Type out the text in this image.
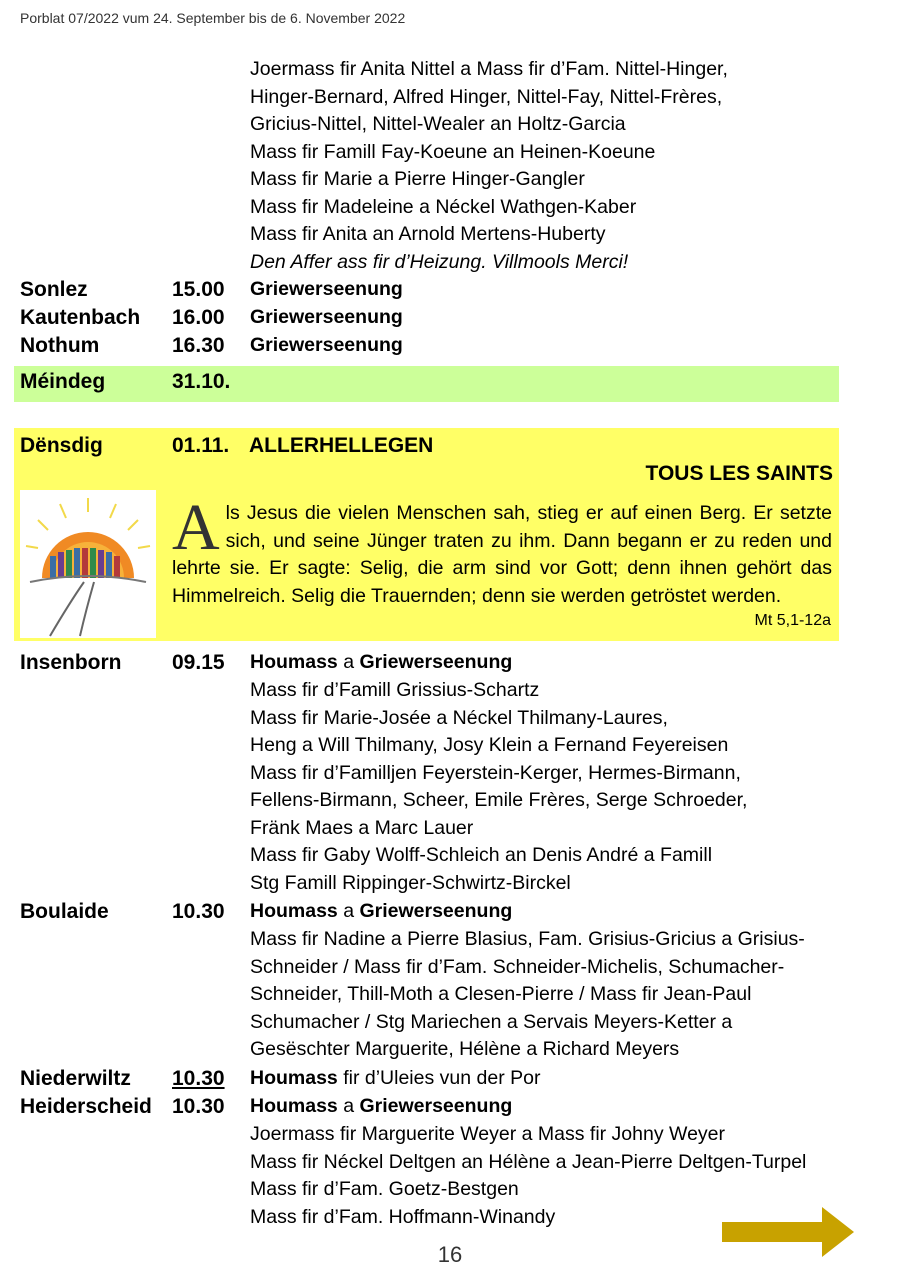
Porblat 07/2022 vum 24. September bis de 6. November 2022
Joermass fir Anita Nittel a Mass fir d’Fam. Nittel-Hinger,
Hinger-Bernard, Alfred Hinger, Nittel-Fay, Nittel-Frères,
Gricius-Nittel, Nittel-Wealer an Holtz-Garcia
Mass fir Famill Fay-Koeune an Heinen-Koeune
Mass fir Marie a Pierre Hinger-Gangler
Mass fir Madeleine a Néckel Wathgen-Kaber
Mass fir Anita an Arnold Mertens-Huberty
Den Affer ass fir d’Heizung. Villmools Merci!
Sonlez	15.00 Griewerseenung
Kautenbach 16.00 Griewerseenung
Nothum	16.30 Griewerseenung
Méindeg	31.10.
Dënsdig	01.11. ALLERHELLEGEN
TOUS LES SAINTS
Als Jesus die vielen Menschen sah, stieg er auf einen Berg. Er setzte sich, und seine Jünger traten zu ihm. Dann begann er zu reden und lehrte sie. Er sagte: Selig, die arm sind vor Gott; denn ihnen gehört das Himmelreich. Selig die Trauernden; denn sie werden getröstet werden.
Mt 5,1-12a
Insenborn 09.15 Houmass a Griewerseenung
Mass fir d’Famill Grissius-Schartz
Mass fir Marie-Josée a Néckel Thilmany-Laures,
Heng a Will Thilmany, Josy Klein a Fernand Feyereisen
Mass fir d’Familljen Feyerstein-Kerger, Hermes-Birmann,
Fellens-Birmann, Scheer, Emile Frères, Serge Schroeder,
Fränk Maes a Marc Lauer
Mass fir Gaby Wolff-Schleich an Denis André a Famill
Stg Famill Rippinger-Schwirtz-Birckel
Boulaide	10.30 Houmass a Griewerseenung
Mass fir Nadine a Pierre Blasius, Fam. Grisius-Gricius a Grisius-
Schneider / Mass fir d’Fam. Schneider-Michelis, Schumacher-
Schneider, Thill-Moth a Clesen-Pierre / Mass fir Jean-Paul
Schumacher / Stg Mariechen a Servais Meyers-Ketter a
Gesëschter Marguerite, Hélène a Richard Meyers
Niederwiltz 10.30 Houmass fir d’Uleies vun der Por
Heiderscheid 10.30 Houmass a Griewerseenung
Joermass fir Marguerite Weyer a Mass fir Johny Weyer
Mass fir Néckel Deltgen an Hélène a Jean-Pierre Deltgen-Turpel
Mass fir d’Fam. Goetz-Bestgen
Mass fir d’Fam. Hoffmann-Winandy
16
